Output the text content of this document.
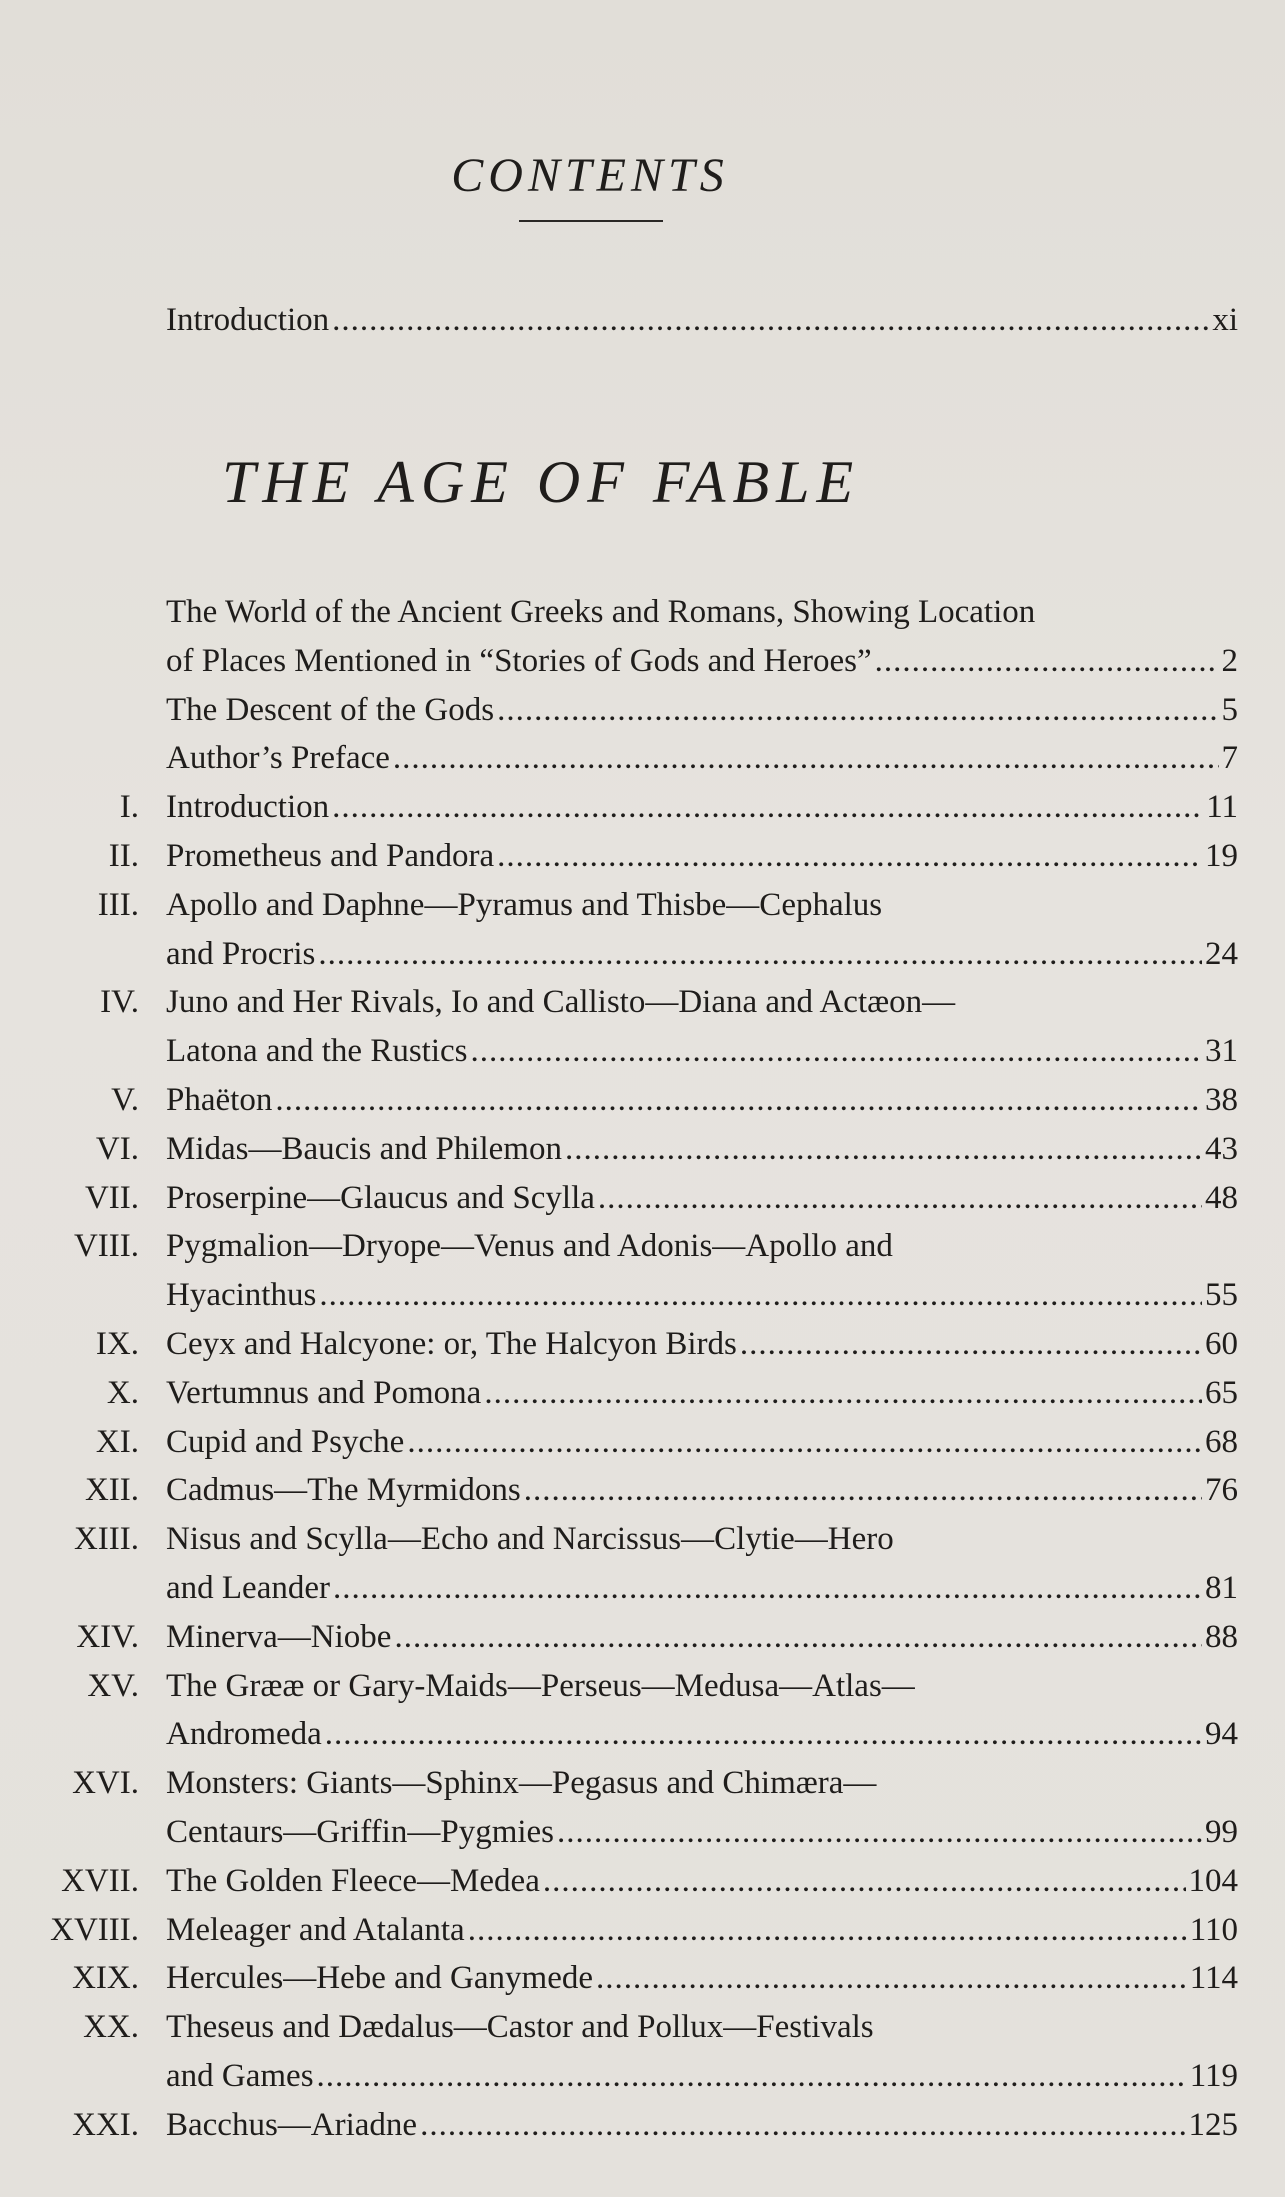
CONTENTS
Introduction .....	xi
THE AGE OF FABLE
The World of the Ancient Greeks and Romans, Showing Location
of Places Mentioned in “Stories of Gods and Heroes” .....	2
The Descent of the Gods .....	5
Author’s Preface .....	7
I. Introduction .....	11
II. Prometheus and Pandora .....	19
III. Apollo and Daphne—Pyramus and Thisbe—Cephalus
and Procris .....	24
IV. Juno and Her Rivals, Io and Callisto—Diana and Actæon—
Latona and the Rustics .....	31
V. Phaëton .....	38
VI. Midas—Baucis and Philemon .....	43
VII. Proserpine—Glaucus and Scylla .....	48
VIII. Pygmalion—Dryope—Venus and Adonis—Apollo and
Hyacinthus .....	55
IX. Ceyx and Halcyone: or, The Halcyon Birds .....	60
X. Vertumnus and Pomona .....	65
XI. Cupid and Psyche .....	68
XII. Cadmus—The Myrmidons .....	76
XIII. Nisus and Scylla—Echo and Narcissus—Clytie—Hero
and Leander .....	81
XIV. Minerva—Niobe .....	88
XV. The Grææ or Gary-Maids—Perseus—Medusa—Atlas—
Andromeda .....	94
XVI. Monsters: Giants—Sphinx—Pegasus and Chimæra—
Centaurs—Griffin—Pygmies .....	99
XVII. The Golden Fleece—Medea .....	104
XVIII. Meleager and Atalanta .....	110
XIX. Hercules—Hebe and Ganymede .....	114
XX. Theseus and Dædalus—Castor and Pollux—Festivals
and Games .....	119
XXI. Bacchus—Ariadne .....	125
